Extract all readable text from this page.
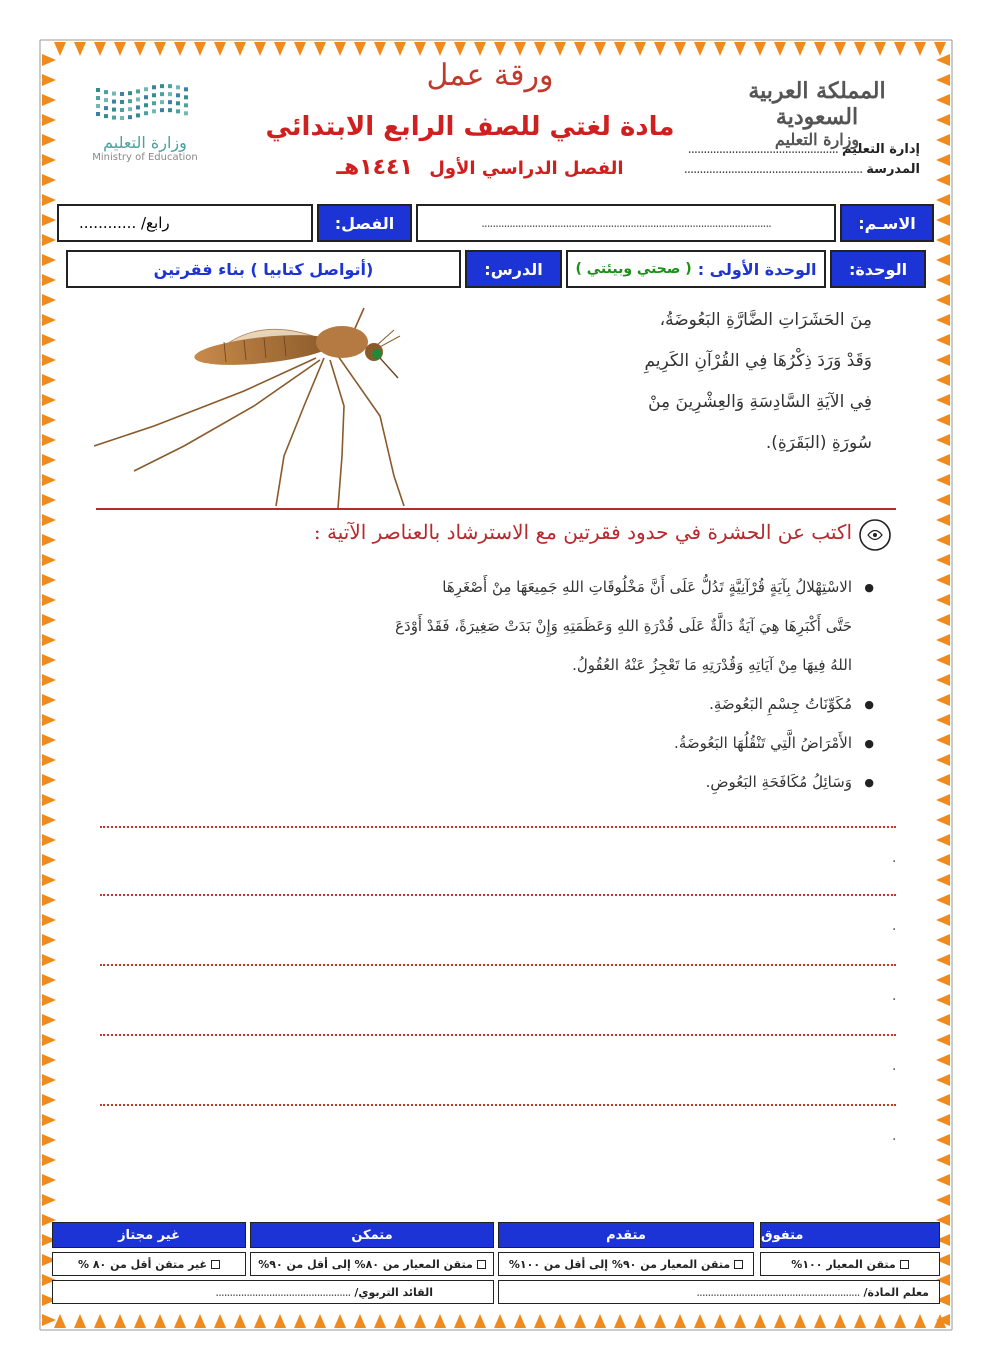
المملكة العربية السعودية
وزارة التعليم
إدارة التعليم
................................................
المدرسة
.........................................................
ورقة عمل
مادة لغتي للصف الرابع الابتدائي
الفصل الدراسي الأول ١٤٤١هـ
وزارة التعليم
Ministry of Education
الاسـم:
.......................................................................................................
الفصل:
رابع/ ............
الوحدة:
الوحدة الأولى :
( صحتي وبيئتي )
الدرس:
(أتواصل كتابيا ) بناء فقرتين
مِنَ الحَشَرَاتِ الضَّارَّةِ البَعُوضَةُ،
وَقَدْ وَرَدَ ذِكْرُهَا فِي القُرْآنِ الكَرِيمِ
فِي الآيَةِ السَّادِسَةِ وَالعِشْرِينَ مِنْ
سُورَةِ (البَقَرَةِ).
اكتب عن الحشرة في حدود فقرتين مع الاسترشاد بالعناصر الآتية :
● الاسْتِهْلالُ بِآيَةٍ قُرْآنِيَّةٍ تَدُلُّ عَلَى أَنَّ مَخْلُوقَاتِ اللهِ جَمِيعَهَا مِنْ أَصْغَرِهَا
حَتَّى أَكْبَرِهَا هِيَ آيَةٌ دَالَّةٌ عَلَى قُدْرَةِ اللهِ وَعَظَمَتِهِ وَإِنْ بَدَتْ صَغِيرَةً، فَقَدْ أَوْدَعَ
اللهُ فِيهَا مِنْ آيَاتِهِ وَقُدْرَتِهِ مَا تَعْجِزُ عَنْهُ العُقُولُ.
● مُكَوِّنَاتُ جِسْمِ البَعُوضَةِ.
● الأَمْرَاضُ الَّتِي تَنْقُلُهَا البَعُوضَةُ.
● وَسَائِلُ مُكَافَحَةِ البَعُوضِ.
.
.
.
.
.
متفوق
متقدم
متمكن
غير مجتاز
متقن المعيار ١٠٠%
متقن المعيار من ٩٠% إلى أقل من ١٠٠%
متقن المعيار من ٨٠% إلى أقل من ٩٠%
غير متقن أقل من ٨٠ %
معلم المادة/
..........................................................
القائد التربوي/
................................................
